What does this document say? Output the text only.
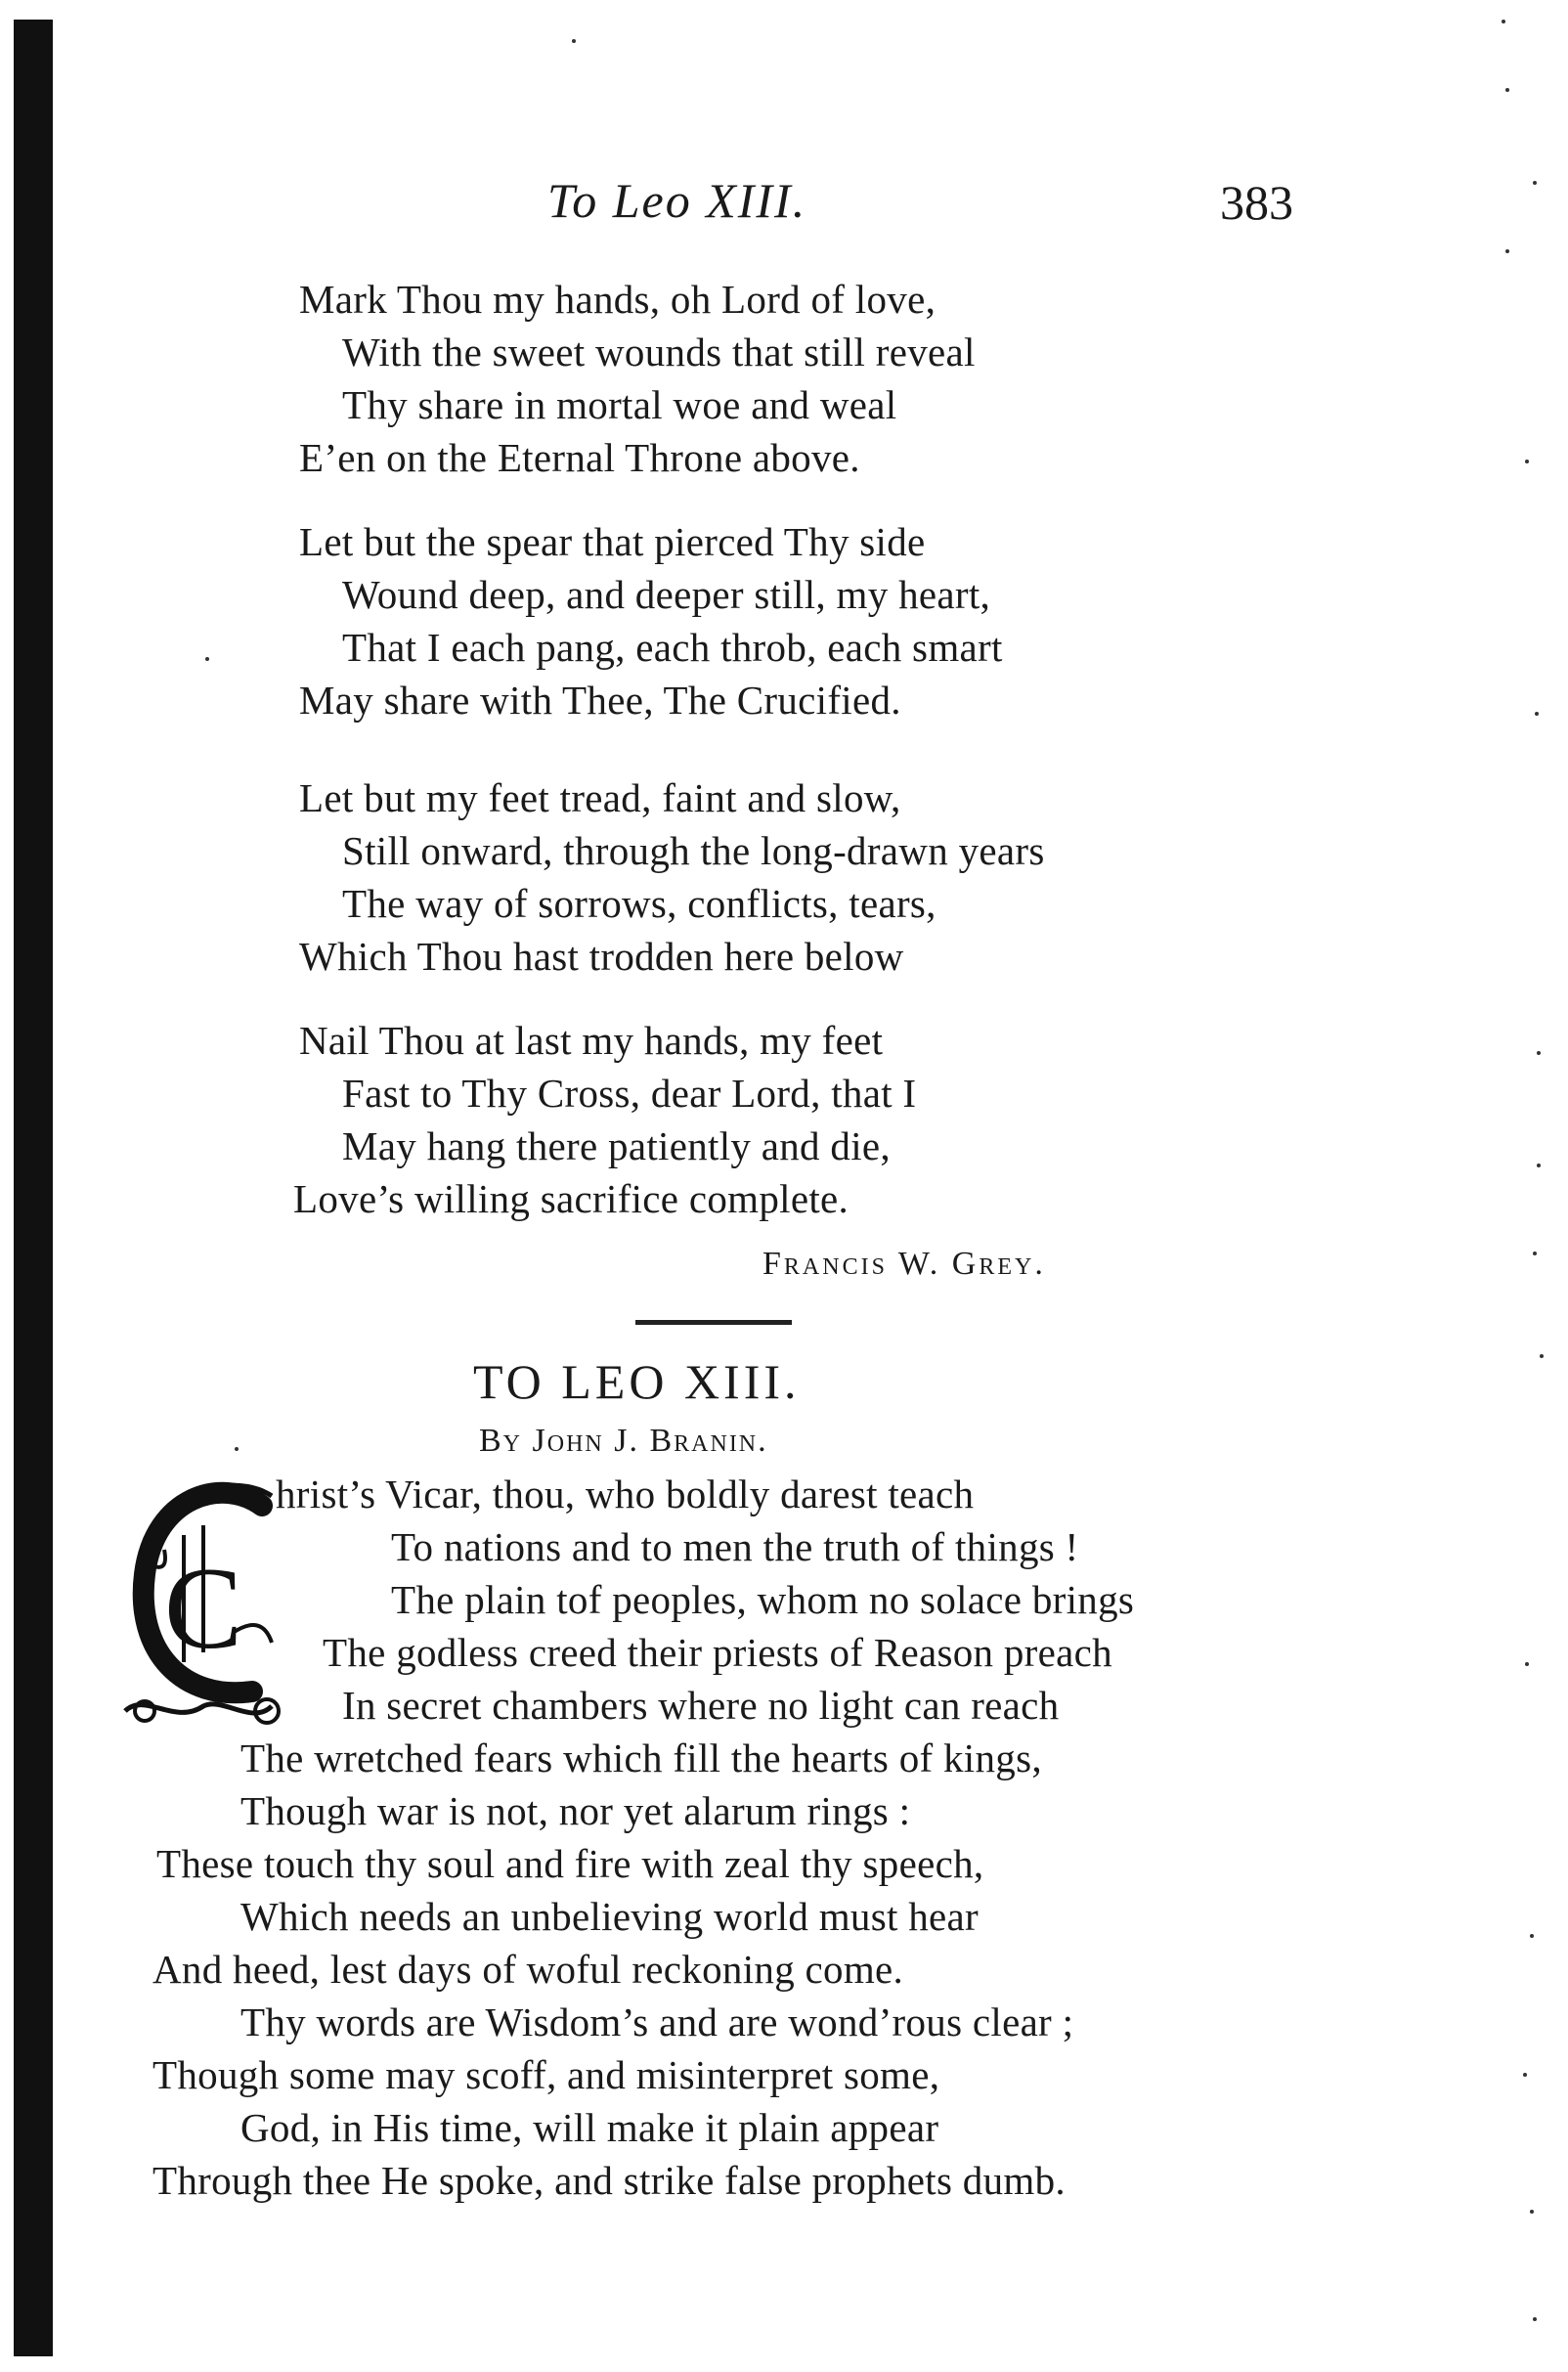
To Leo XIII.	383
Mark Thou my hands, oh Lord of love,
With the sweet wounds that still reveal
Thy share in mortal woe and weal
E’en on the Eternal Throne above.
Let but the spear that pierced Thy side
Wound deep, and deeper still, my heart,
That I each pang, each throb, each smart
May share with Thee, The Crucified.
Let but my feet tread, faint and slow,
Still onward, through the long-drawn years
The way of sorrows, conflicts, tears,
Which Thou hast trodden here below
Nail Thou at last my hands, my feet
Fast to Thy Cross, dear Lord, that I
May hang there patiently and die,
Love’s willing sacrifice complete.
Francis W. Grey.
TO LEO XIII.
By John J. Branin.
C
hrist’s Vicar, thou, who boldly darest teach
To nations and to men the truth of things !
The plain tof peoples, whom no solace brings
The godless creed their priests of Reason preach
In secret chambers where no light can reach
The wretched fears which fill the hearts of kings,
Though war is not, nor yet alarum rings :
These touch thy soul and fire with zeal thy speech,
Which needs an unbelieving world must hear
And heed, lest days of woful reckoning come.
Thy words are Wisdom’s and are wond’rous clear ;
Though some may scoff, and misinterpret some,
God, in His time, will make it plain appear
Through thee He spoke, and strike false prophets dumb.
